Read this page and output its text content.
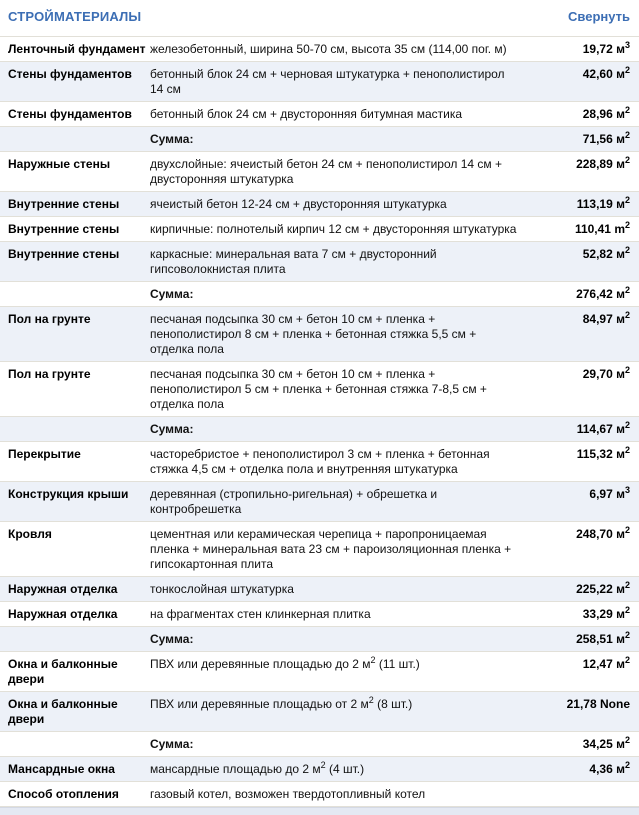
СТРОЙМАТЕРИАЛЫ	Свернуть
Ленточный фундамент	железобетонный, ширина 50-70 см, высота 35 см (114,00 пог. м)	19,72 $м^3$
Стены фундаментов	бетонный блок 24 см + черновая штукатурка + пенополистирол 14 см	42,60 $м^2$
Стены фундаментов	бетонный блок 24 см + двусторонняя битумная мастика	28,96 $м^2$
	Сумма:	71,56 $м^2$
Наружные стены	двухслойные: ячеистый бетон 24 см + пенополистирол 14 см + двусторонняя штукатурка	228,89 $м^2$
Внутренние стены	ячеистый бетон 12-24 см + двусторонняя штукатурка	113,19 $м^2$
Внутренние стены	кирпичные: полнотелый кирпич 12 см + двусторонняя штукатурка	110,41 $m^2$
Внутренние стены	каркасные: минеральная вата 7 см + двусторонний гипсоволокнистая плита	52,82 $м^2$
	Сумма:	276,42 $м^2$
Пол на грунте	песчаная подсыпка 30 см + бетон 10 см + пленка + пенополистирол 8 см + пленка + бетонная стяжка 5,5 см + отделка пола	84,97 $м^2$
Пол на грунте	песчаная подсыпка 30 см + бетон 10 см + пленка + пенополистирол 5 см + пленка + бетонная стяжка 7-8,5 см + отделка пола	29,70 $м^2$
	Сумма:	114,67 $м^2$
Перекрытие	часторебристое + пенополистирол 3 см + пленка + бетонная стяжка 4,5 см + отделка пола и внутренняя штукатурка	115,32 $м^2$
Конструкция крыши	деревянная (стропильно-ригельная) + обрешетка и контробрешетка	6,97 $м^3$
Кровля	цементная или керамическая черепица + паропроницаемая пленка + минеральная вата 23 см + пароизоляционная пленка + гипсокартонная плита	248,70 $м^2$
Наружная отделка	тонкослойная штукатурка	225,22 $м^2$
Наружная отделка	на фрагментах стен клинкерная плитка	33,29 $м^2$
	Сумма:	258,51 $м^2$
Окна и балконные двери	ПВХ или деревянные площадью до 2 $м^2$ (11 шт.)	12,47 $м^2$
Окна и балконные двери	ПВХ или деревянные площадью от 2 $м^2$ (8 шт.)	21,78 None
	Сумма:	34,25 $м^2$
Мансардные окна	мансардные площадью до 2 $м^2$ (4 шт.)	4,36 $м^2$
Способ отопления	газовый котел, возможен твердотопливный котел	
